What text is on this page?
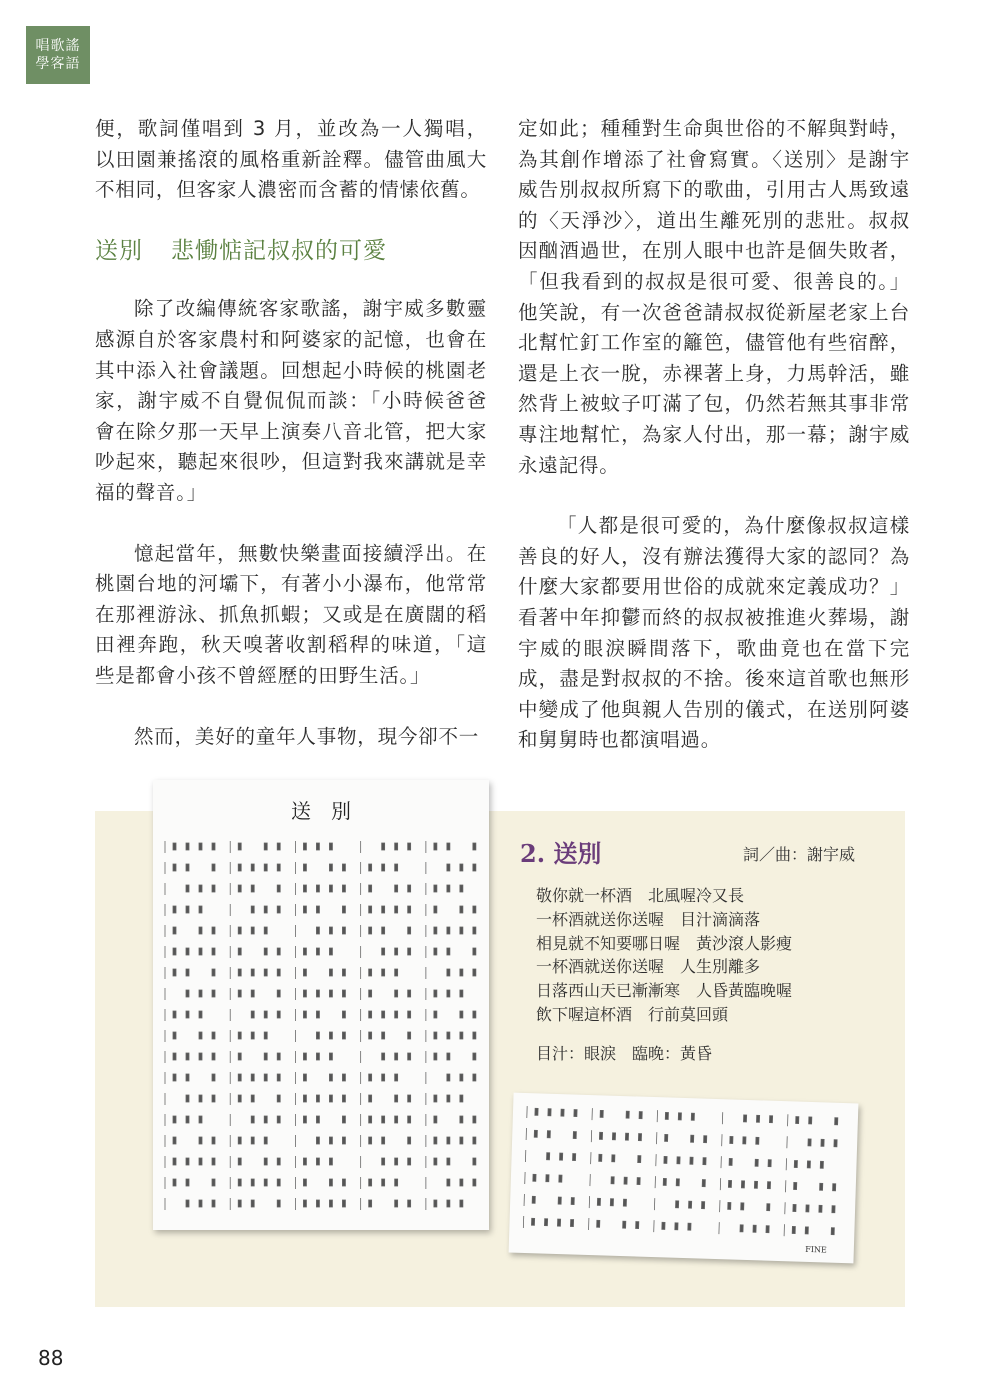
唱歌謠
學客語

便，歌詞僅唱到 3 月，並改為一人獨唱，以田園兼搖滾的風格重新詮釋。儘管曲風大不相同，但客家人濃密而含蓄的情愫依舊。

送別 悲慟惦記叔叔的可愛

除了改編傳統客家歌謠，謝宇威多數靈感源自於客家農村和阿婆家的記憶，也會在其中添入社會議題。回想起小時候的桃園老家，謝宇威不自覺侃侃而談：「小時候爸爸會在除夕那一天早上演奏八音北管，把大家吵起來，聽起來很吵，但這對我來講就是幸福的聲音。」

憶起當年，無數快樂畫面接續浮出。在桃園台地的河壩下，有著小小瀑布，他常常在那裡游泳、抓魚抓蝦；又或是在廣闊的稻田裡奔跑，秋天嗅著收割稻稈的味道，「這些是都會小孩不曾經歷的田野生活。」

然而，美好的童年人事物，現今卻不一

定如此；種種對生命與世俗的不解與對峙，為其創作增添了社會寫實。〈送別〉是謝宇威告別叔叔所寫下的歌曲，引用古人馬致遠的〈天淨沙〉，道出生離死別的悲壯。叔叔因酗酒過世，在別人眼中也許是個失敗者，「但我看到的叔叔是很可愛、很善良的。」他笑說，有一次爸爸請叔叔從新屋老家上台北幫忙釘工作室的籬笆，儘管他有些宿醉，還是上衣一脫，赤裸著上身，力馬幹活，雖然背上被蚊子叮滿了包，仍然若無其事非常專注地幫忙，為家人付出，那一幕；謝宇威永遠記得。

「人都是很可愛的，為什麼像叔叔這樣善良的好人，沒有辦法獲得大家的認同？為什麼大家都要用世俗的成就來定義成功？」看著中年抑鬱而終的叔叔被推進火葬場，謝宇威的眼淚瞬間落下，歌曲竟也在當下完成，盡是對叔叔的不捨。後來這首歌也無形中變成了他與親人告別的儀式，在送別阿婆和舅舅時也都演唱過。

送　別
FINE
2. 送別	詞／曲：謝宇威
敬你就一杯酒　北風喔冷又長
一杯酒就送你送喔　目汁滴滴落
相見就不知要哪日喔　黃沙滾人影瘦
一杯酒就送你送喔　人生別離多
日落西山天已漸漸寒　人昏黃臨晚喔
飲下喔這杯酒　行前莫回頭
目汁：眼淚　臨晚：黃昏
88
